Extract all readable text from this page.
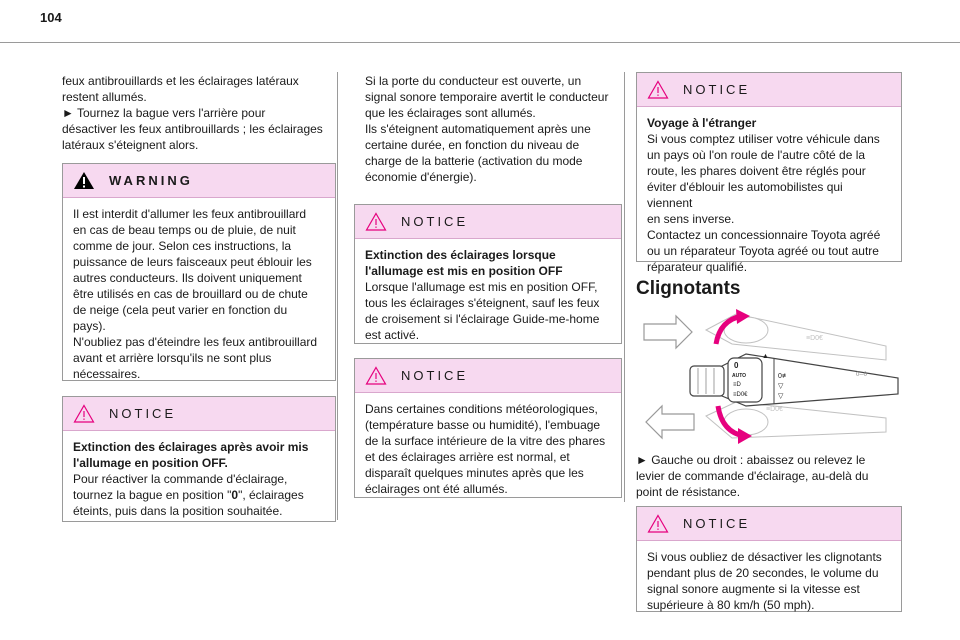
104

feux antibrouillards et les éclairages latéraux

restent allumés.

► Tournez la bague vers l'arrière pour

désactiver les feux antibrouillards ; les éclairages

latéraux s'éteignent alors.

WARNING

Il est interdit d'allumer les feux antibrouillard

en cas de beau temps ou de pluie, de nuit

comme de jour. Selon ces instructions, la

puissance de leurs faisceaux peut éblouir les

autres conducteurs. Ils doivent uniquement

être utilisés en cas de brouillard ou de chute

de neige (cela peut varier en fonction du

pays).

N'oubliez pas d'éteindre les feux antibrouillard

avant et arrière lorsqu'ils ne sont plus

nécessaires.

NOTICE

Extinction des éclairages après avoir mis

l'allumage en position OFF.

Pour réactiver la commande d'éclairage,

tournez la bague en position "0", éclairages

éteints, puis dans la position souhaitée.

Si la porte du conducteur est ouverte, un

signal sonore temporaire avertit le conducteur

que les éclairages sont allumés.

Ils s'éteignent automatiquement après une

certaine durée, en fonction du niveau de

charge de la batterie (activation du mode

économie d'énergie).

NOTICE

Extinction des éclairages lorsque

l'allumage est mis en position OFF

Lorsque l'allumage est mis en position OFF,

tous les éclairages s'éteignent, sauf les feux

de croisement si l'éclairage Guide-me-home

est activé.

NOTICE

Dans certaines conditions météorologiques,

(température basse ou humidité), l'embuage

de la surface intérieure de la vitre des phares

et des éclairages arrière est normal, et

disparaît quelques minutes après que les

éclairages ont été allumés.

NOTICE

Voyage à l'étranger

Si vous comptez utiliser votre véhicule dans

un pays où l'on roule de l'autre côté de la

route, les phares doivent être réglés pour

éviter d'éblouir les automobilistes qui viennent

en sens inverse.

Contactez un concessionnaire Toyota agréé

ou un réparateur Toyota agréé ou tout autre

réparateur qualifié.

Clignotants
≡D0€
≡D0€
0
AUTO
≡D
≡D0€
0≢
▽
▽
▲
0─0

► Gauche ou droit : abaissez ou relevez le

levier de commande d'éclairage, au-delà du

point de résistance.

NOTICE

Si vous oubliez de désactiver les clignotants

pendant plus de 20 secondes, le volume du

signal sonore augmente si la vitesse est

supérieure à 80 km/h (50 mph).
